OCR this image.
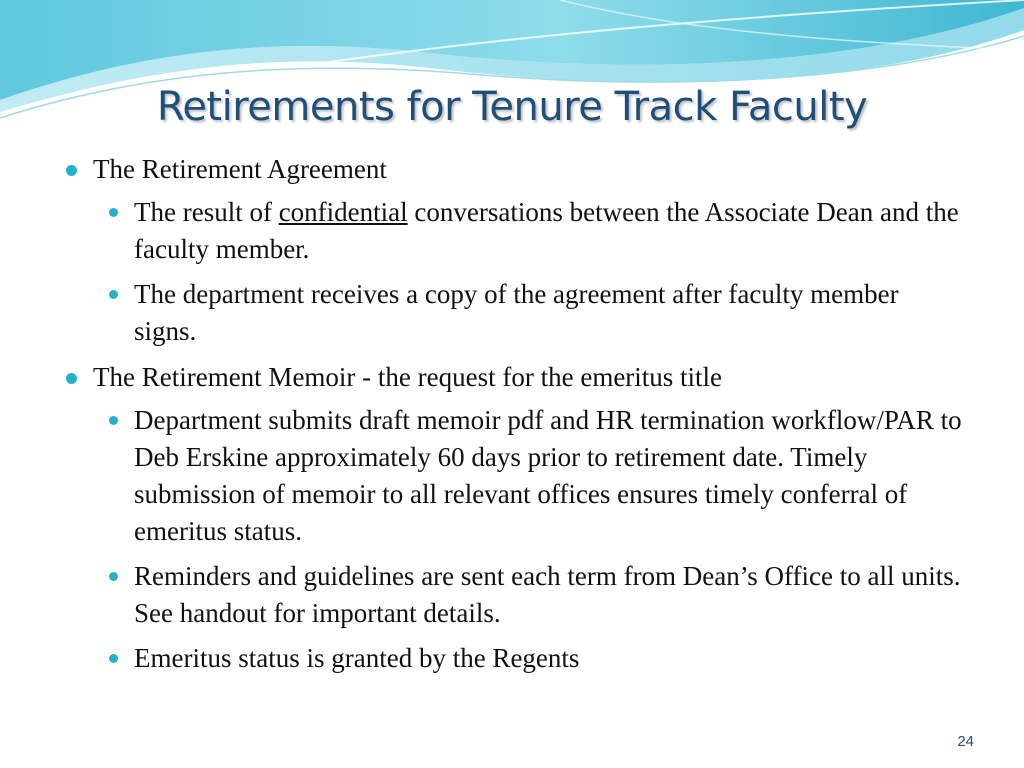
Retirements for Tenure Track Faculty

The Retirement Agreement

The result of confidential conversations between the Associate Dean and the faculty member.

The department receives a copy of the agreement after faculty member signs.

The Retirement Memoir - the request for the emeritus title

Department submits draft memoir pdf and HR termination workflow/PAR to Deb Erskine approximately 60 days prior to retirement date. Timely submission of memoir to all relevant offices ensures timely conferral of emeritus status.

Reminders and guidelines are sent each term from Dean’s Office to all units. See handout for important details.

Emeritus status is granted by the Regents

24
